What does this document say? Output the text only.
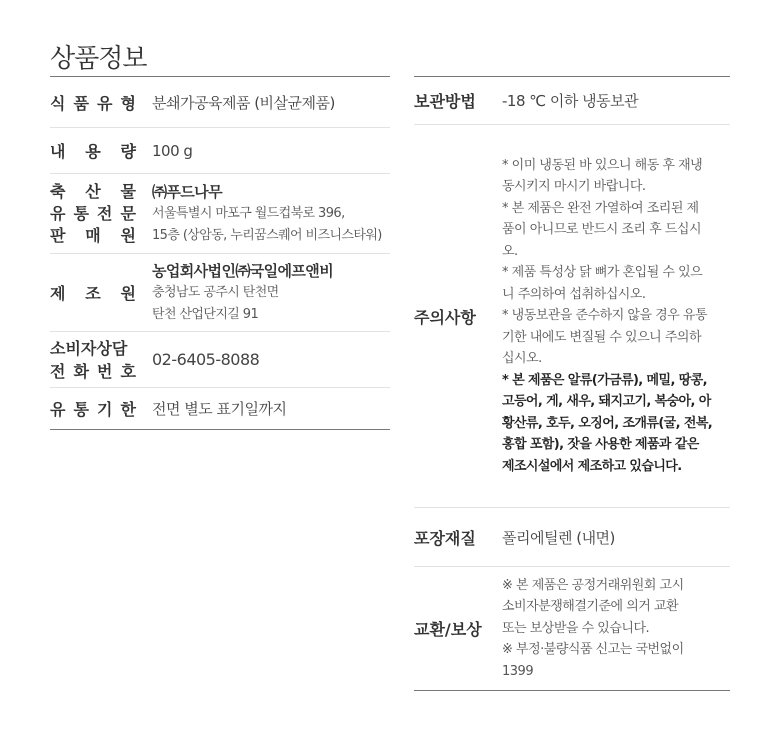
상품정보
식 품 유 형 분쇄가공육제품 (비살균제품)
내 용 량 100 g
축 산 물
유 통 전 문
판 매 원
㈜푸드나무
서울특별시 마포구 월드컵북로 396,
15층 (상암동, 누리꿈스퀘어 비즈니스타워)
제 조 원
농업회사법인㈜국일에프앤비
충청남도 공주시 탄천면
탄천 산업단지길 91
소비자상담
전 화 번 호
02-6405-8088
유 통 기 한 전면 별도 표기일까지
보관방법	-18 ℃ 이하 냉동보관
주의사항
* 이미 냉동된 바 있으니 해동 후 재냉
동시키지 마시기 바랍니다.
* 본 제품은 완전 가열하여 조리된 제
품이 아니므로 반드시 조리 후 드십시
오.
* 제품 특성상 닭 뼈가 혼입될 수 있으
니 주의하여 섭취하십시오.
* 냉동보관을 준수하지 않을 경우 유통
기한 내에도 변질될 수 있으니 주의하
십시오.
* 본 제품은 알류(가금류), 메밀, 땅콩,
고등어, 게, 새우, 돼지고기, 복숭아, 아
황산류, 호두, 오징어, 조개류(굴, 전복,
홍합 포함), 잣을 사용한 제품과 같은
제조시설에서 제조하고 있습니다.
포장재질	폴리에틸렌 (내면)
교환/보상
※ 본 제품은 공정거래위원회 고시
소비자분쟁해결기준에 의거 교환
또는 보상받을 수 있습니다.
※ 부정·불량식품 신고는 국번없이
1399
